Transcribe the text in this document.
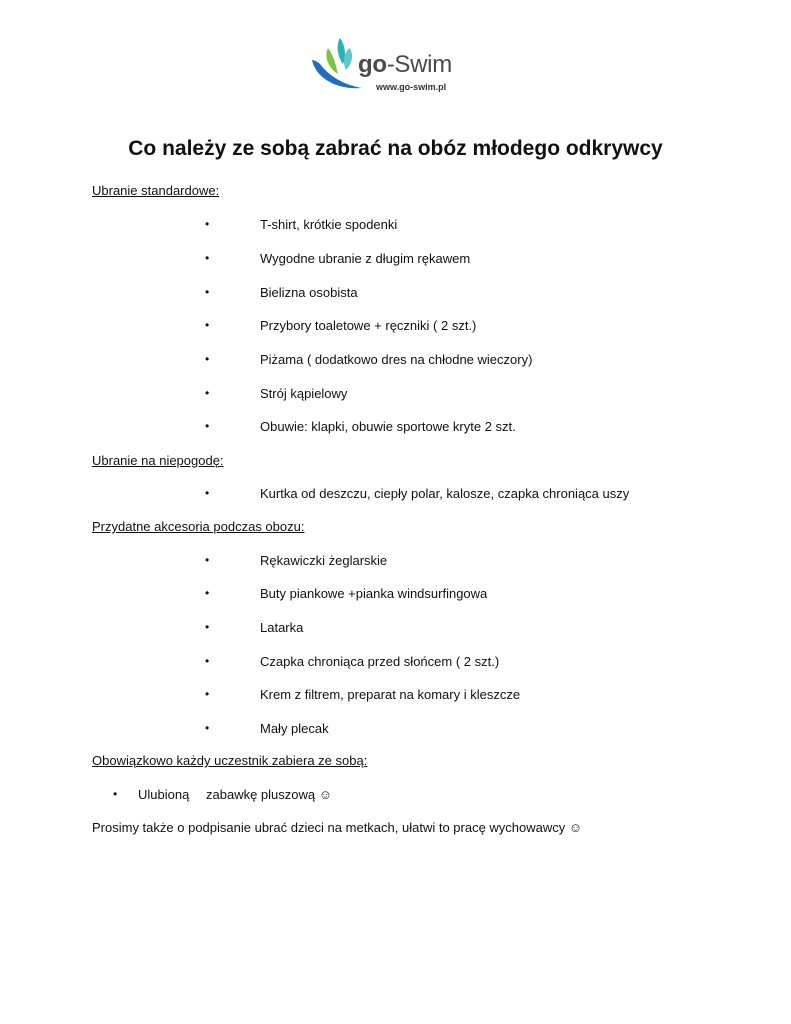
go-Swim
www.go-swim.pl
Co należy ze sobą zabrać na obóz młodego odkrywcy

Ubranie standardowe:

•	T-shirt, krótkie spodenki
•	Wygodne ubranie z długim rękawem
•	Bielizna osobista
•	Przybory toaletowe + ręczniki ( 2 szt.)
•	Piżama ( dodatkowo dres na chłodne wieczory)
•	Strój kąpielowy
•	Obuwie: klapki, obuwie sportowe kryte 2 szt.

Ubranie na niepogodę:

•	Kurtka od deszczu, ciepły polar, kalosze, czapka chroniąca uszy

Przydatne akcesoria podczas obozu:

•	Rękawiczki żeglarskie
•	Buty piankowe +pianka windsurfingowa
•	Latarka
•	Czapka chroniąca przed słońcem ( 2 szt.)
•	Krem z filtrem, preparat na komary i kleszcze
•	Mały plecak

Obowiązkowo każdy uczestnik zabiera ze sobą:

• Ulubioną zabawkę pluszową ☺

Prosimy także o podpisanie ubrać dzieci na metkach, ułatwi to pracę wychowawcy ☺
